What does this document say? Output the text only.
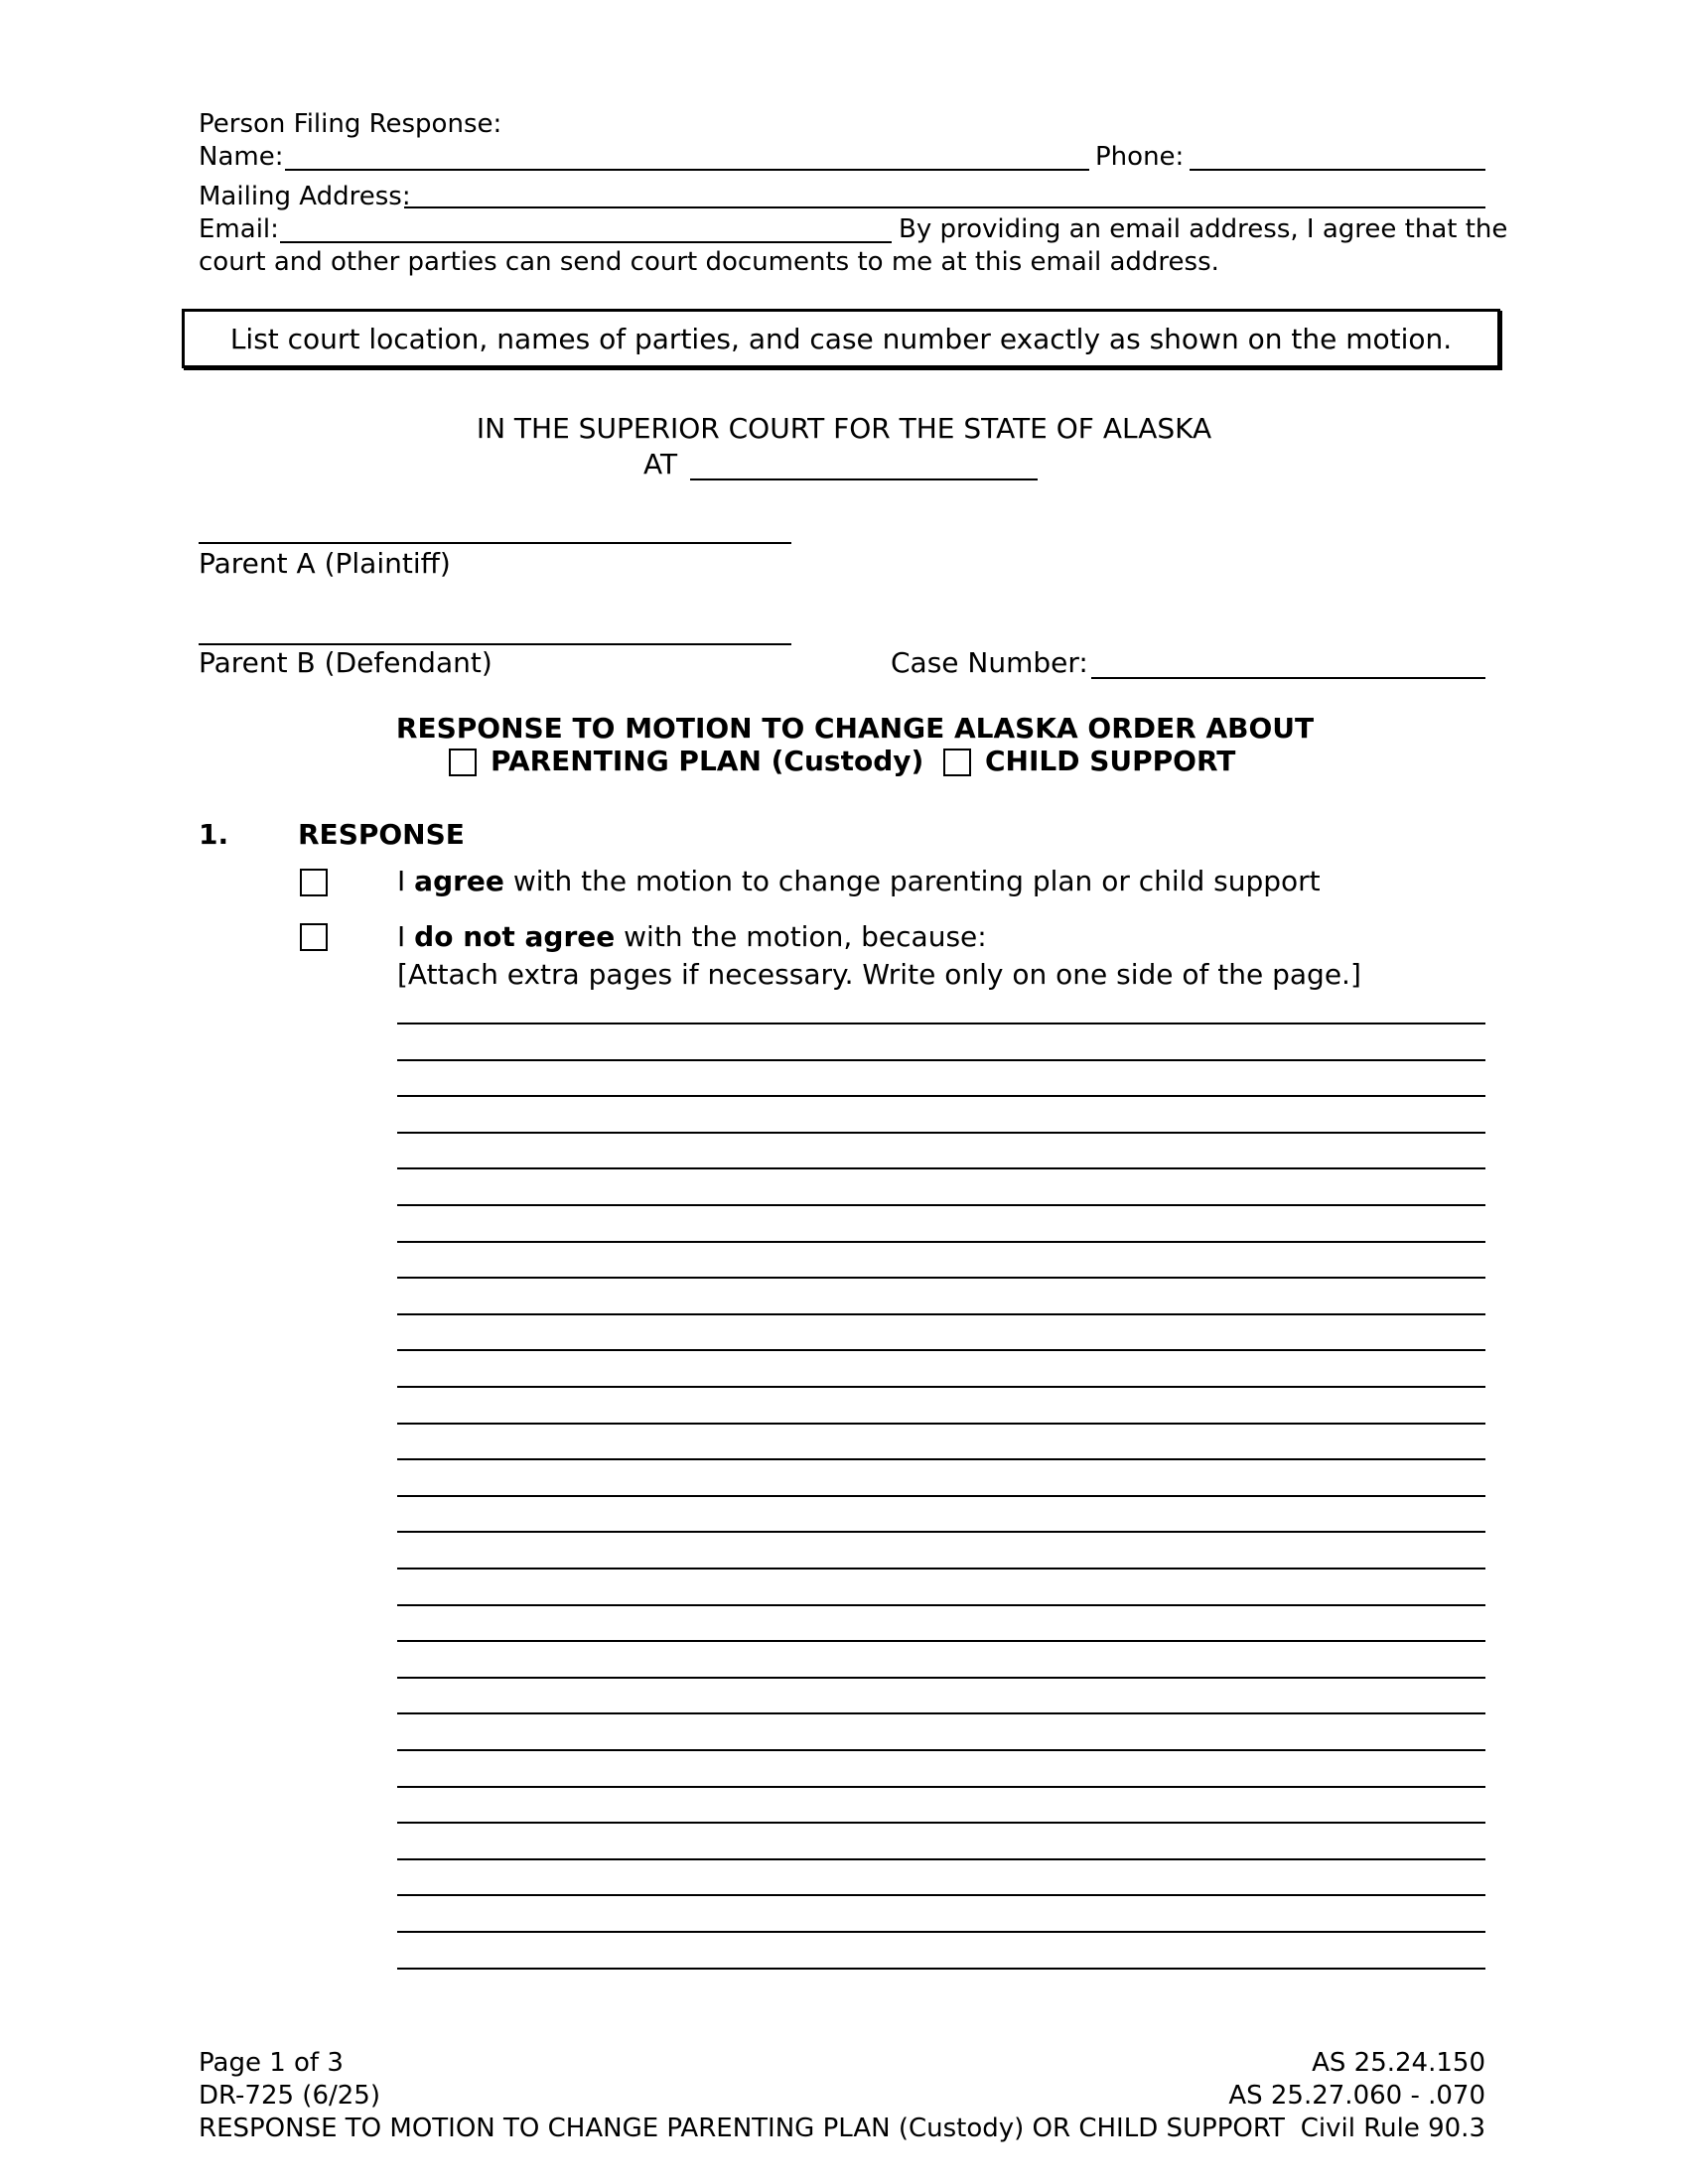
Person Filing Response:
Name:	Phone:
Mailing Address:
Email:	By providing an email address, I agree that the
court and other parties can send court documents to me at this email address.
List court location, names of parties, and case number exactly as shown on the motion.
IN THE SUPERIOR COURT FOR THE STATE OF ALASKA
AT
Parent A (Plaintiff)
Parent B (Defendant)	Case Number:
RESPONSE TO MOTION TO CHANGE ALASKA ORDER ABOUT
PARENTING PLAN (Custody) CHILD SUPPORT
1. RESPONSE
I agree with the motion to change parenting plan or child support
I do not agree with the motion, because:
[Attach extra pages if necessary. Write only on one side of the page.]
Page 1 of 3
DR-725 (6/25)
RESPONSE TO MOTION TO CHANGE PARENTING PLAN (Custody) OR CHILD SUPPORT
AS 25.24.150
AS 25.27.060 - .070
Civil Rule 90.3
